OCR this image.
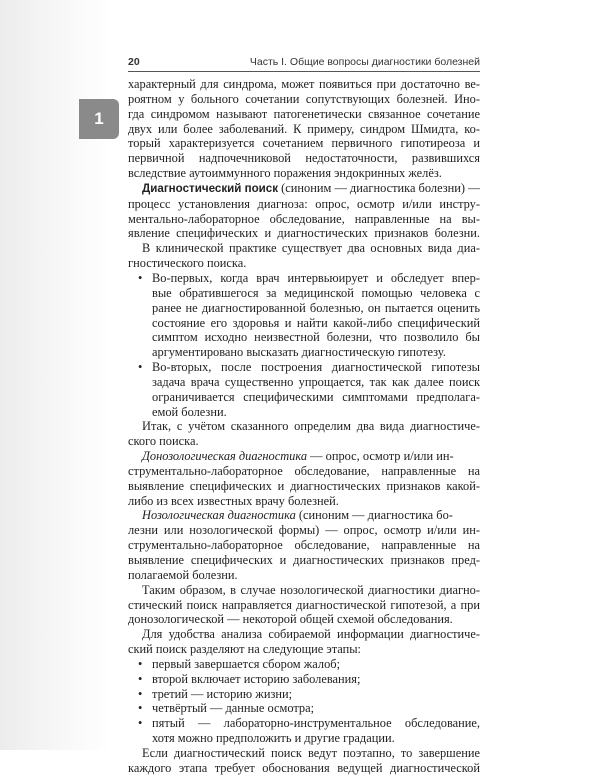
20	Часть I. Общие вопросы диагностики болезней
1
характерный для синдрома, может появиться при достаточно ве-
роятном у больного сочетании сопутствующих болезней. Ино-
гда синдромом называют патогенетически связанное сочетание
двух или более заболеваний. К примеру, синдром Шмидта, ко-
торый характеризуется сочетанием первичного гипотиреоза и
первичной надпочечниковой недостаточности, развившихся
вследствие аутоиммунного поражения эндокринных желёз.
Диагностический поиск (синоним — диагностика болезни) —
процесс установления диагноза: опрос, осмотр и/или инстру-
ментально-лабораторное обследование, направленные на вы-
явление специфических и диагностических признаков болезни.
В клинической практике существует два основных вида диа-
гностического поиска.
• Во-первых, когда врач интервьюирует и обследует впер-
вые обратившегося за медицинской помощью человека с
ранее не диагностированной болезнью, он пытается оценить
состояние его здоровья и найти какой-либо специфический
симптом исходно неизвестной болезни, что позволило бы
аргументировано высказать диагностическую гипотезу.
• Во-вторых, после построения диагностической гипотезы
задача врача существенно упрощается, так как далее поиск
ограничивается специфическими симптомами предполага-
емой болезни.
Итак, с учётом сказанного определим два вида диагностиче-
ского поиска.
Донозологическая диагностика — опрос, осмотр и/или ин-
струментально-лабораторное обследование, направленные на
выявление специфических и диагностических признаков какой-
либо из всех известных врачу болезней.
Нозологическая диагностика (синоним — диагностика бо-
лезни или нозологической формы) — опрос, осмотр и/или ин-
струментально-лабораторное обследование, направленные на
выявление специфических и диагностических признаков пред-
полагаемой болезни.
Таким образом, в случае нозологической диагностики диагно-
стический поиск направляется диагностической гипотезой, а при
донозологической — некоторой общей схемой обследования.
Для удобства анализа собираемой информации диагностиче-
ский поиск разделяют на следующие этапы:
• первый завершается сбором жалоб;
• второй включает историю заболевания;
• третий — историю жизни;
• четвёртый — данные осмотра;
• пятый — лабораторно-инструментальное обследование,
хотя можно предположить и другие градации.
Если диагностический поиск ведут поэтапно, то завершение
каждого этапа требует обоснования ведущей диагностической
